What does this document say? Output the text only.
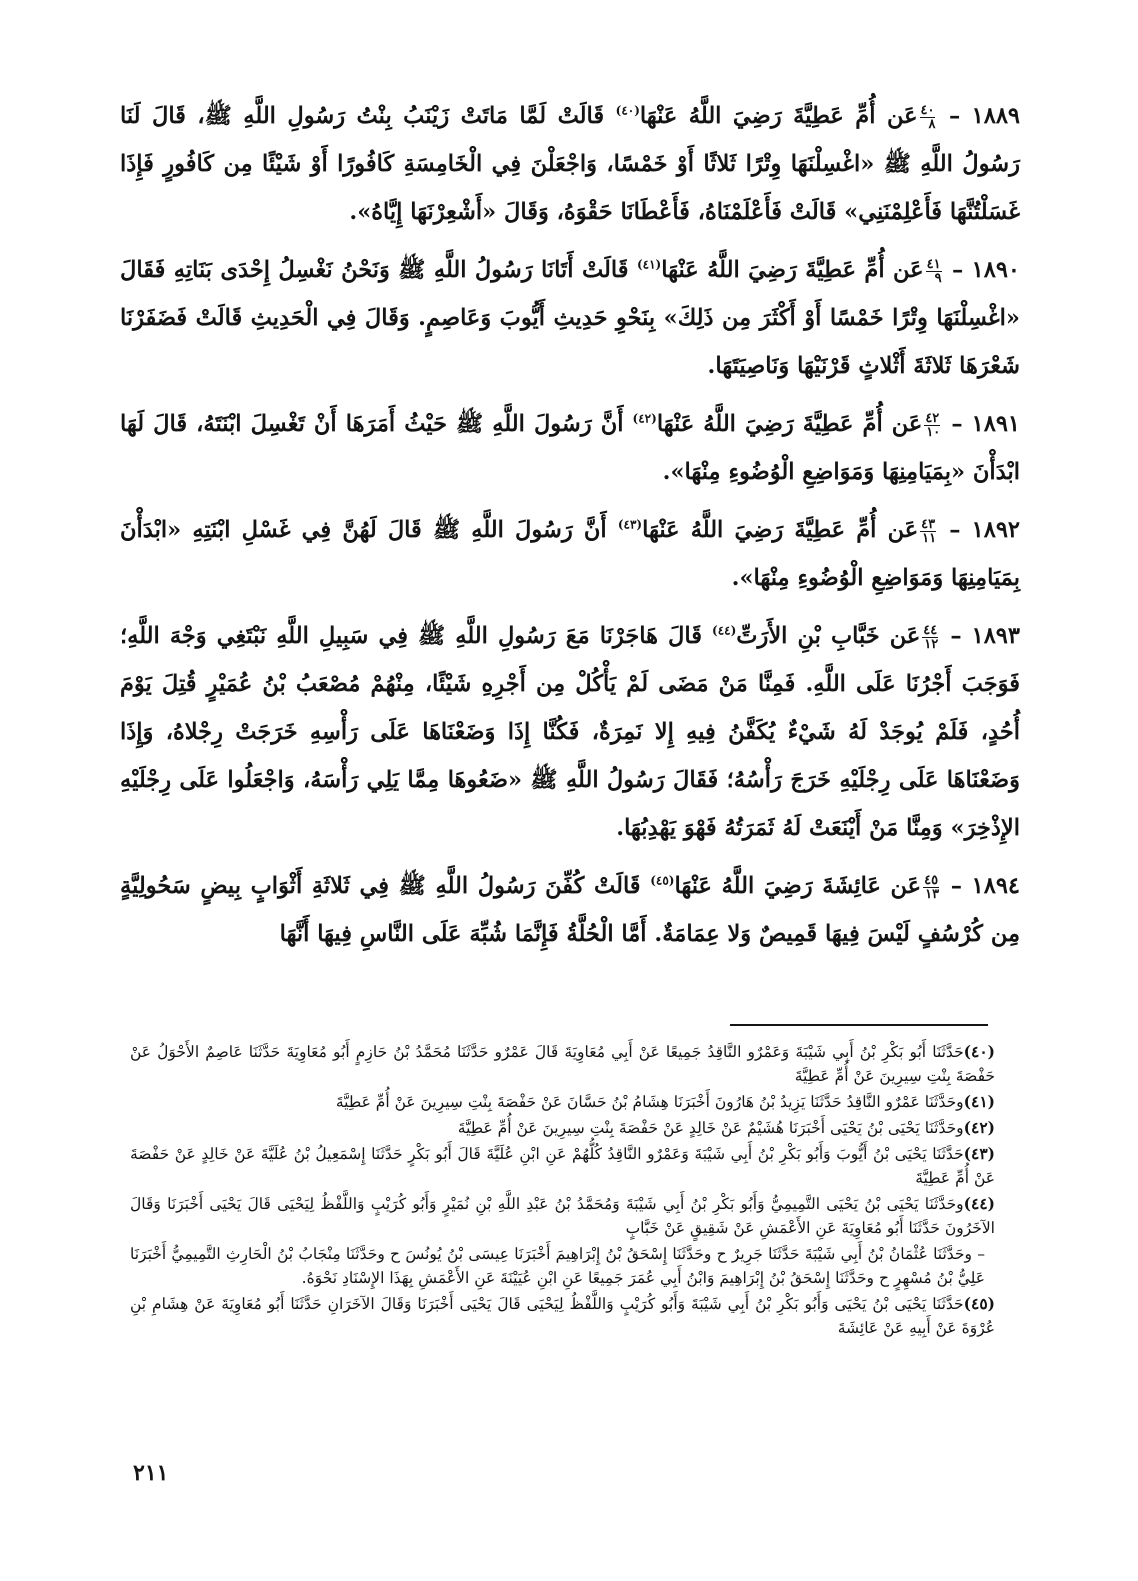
١٨٨٩ –
$\frac{٤٠}{٨}$
عَن أُمِّ عَطِيَّةَ رَضِيَ اللَّهُ عَنْهَا$^{(٤٠)}$ قَالَتْ لَمَّا مَاتَتْ زَيْنَبُ بِنْتُ رَسُولِ اللَّهِ ﷺ، قَالَ لَنَا رَسُولُ اللَّهِ ﷺ «اغْسِلْنَهَا وِتْرًا ثَلاثًا أَوْ خَمْسًا، وَاجْعَلْنَ فِي الْخَامِسَةِ كَافُورًا أَوْ شَيْئًا مِن كَافُورٍ فَإِذَا غَسَلْتُنَّهَا فَأَعْلِمْنَنِي» قَالَتْ فَأَعْلَمْنَاهُ، فَأَعْطَانَا حَقْوَهُ، وَقَالَ «أَشْعِرْنَهَا إِيَّاهُ».

١٨٩٠ –
$\frac{٤١}{٩}$
عَن أُمِّ عَطِيَّةَ رَضِيَ اللَّهُ عَنْهَا$^{(٤١)}$ قَالَتْ أَتَانَا رَسُولُ اللَّهِ ﷺ وَنَحْنُ نَغْسِلُ إِحْدَى بَنَاتِهِ فَقَالَ «اغْسِلْنَهَا وِتْرًا خَمْسًا أَوْ أَكْثَرَ مِن ذَلِكَ» بِنَحْوِ حَدِيثِ أَيُّوبَ وَعَاصِمٍ. وَقَالَ فِي الْحَدِيثِ قَالَتْ فَضَفَرْنَا شَعْرَهَا ثَلاثَةَ أَثْلاثٍ قَرْنَيْهَا وَنَاصِيَتَهَا.

١٨٩١ –
$\frac{٤٢}{١٠}$
عَن أُمِّ عَطِيَّةَ رَضِيَ اللَّهُ عَنْهَا$^{(٤٢)}$ أَنَّ رَسُولَ اللَّهِ ﷺ حَيْثُ أَمَرَهَا أَنْ تَغْسِلَ ابْنَتَهُ، قَالَ لَهَا ابْدَأْنَ «بِمَيَامِنِهَا وَمَوَاضِعِ الْوُضُوءِ مِنْهَا».

١٨٩٢ –
$\frac{٤٣}{١١}$
عَن أُمِّ عَطِيَّةَ رَضِيَ اللَّهُ عَنْهَا$^{(٤٣)}$ أَنَّ رَسُولَ اللَّهِ ﷺ قَالَ لَهُنَّ فِي غَسْلِ ابْنَتِهِ «ابْدَأْنَ بِمَيَامِنِهَا وَمَوَاضِعِ الْوُضُوءِ مِنْهَا».

١٨٩٣ –
$\frac{٤٤}{١٢}$
عَن خَبَّابِ بْنِ الأَرَتِّ$^{(٤٤)}$ قَالَ هَاجَرْنَا مَعَ رَسُولِ اللَّهِ ﷺ فِي سَبِيلِ اللَّهِ نَبْتَغِي وَجْهَ اللَّهِ؛ فَوَجَبَ أَجْرُنَا عَلَى اللَّهِ. فَمِنَّا مَنْ مَضَى لَمْ يَأْكُلْ مِن أَجْرِهِ شَيْئًا، مِنْهُمْ مُصْعَبُ بْنُ عُمَيْرٍ قُتِلَ يَوْمَ أُحُدٍ، فَلَمْ يُوجَدْ لَهُ شَيْءٌ يُكَفَّنُ فِيهِ إِلا نَمِرَةٌ، فَكُنَّا إِذَا وَضَعْنَاهَا عَلَى رَأْسِهِ خَرَجَتْ رِجْلاهُ، وَإِذَا وَضَعْنَاهَا عَلَى رِجْلَيْهِ خَرَجَ رَأْسُهُ؛ فَقَالَ رَسُولُ اللَّهِ ﷺ «ضَعُوهَا مِمَّا يَلِي رَأْسَهُ، وَاجْعَلُوا عَلَى رِجْلَيْهِ الإِذْخِرَ» وَمِنَّا مَنْ أَيْنَعَتْ لَهُ ثَمَرَتُهُ فَهْوَ يَهْدِبُهَا.

١٨٩٤ –
$\frac{٤٥}{١٣}$
عَن عَائِشَةَ رَضِيَ اللَّهُ عَنْهَا$^{(٤٥)}$ قَالَتْ كُفِّنَ رَسُولُ اللَّهِ ﷺ فِي ثَلاثَةِ أَثْوَابٍ بِيضٍ سَحُولِيَّةٍ مِن كُرْسُفٍ لَيْسَ فِيهَا قَمِيصٌ وَلا عِمَامَةٌ. أَمَّا الْحُلَّةُ فَإِنَّمَا شُبِّهَ عَلَى النَّاسِ فِيهَا أَنَّهَا

(٤٠)حَدَّثَنَا أَبُو بَكْرِ بْنُ أَبِي شَيْبَةَ وَعَمْرٌو النَّاقِدُ جَمِيعًا عَنْ أَبِي مُعَاوِيَةَ قَالَ عَمْرٌو حَدَّثَنَا مُحَمَّدُ بْنُ حَازِمٍ أَبُو مُعَاوِيَةَ حَدَّثَنَا عَاصِمٌ الأَحْوَلُ عَنْ حَفْصَةَ بِنْتِ سِيرِينَ عَنْ أُمِّ عَطِيَّةَ

(٤١)وحَدَّثَنَا عَمْرٌو النَّاقِدُ حَدَّثَنَا يَزِيدُ بْنُ هَارُونَ أَخْبَرَنَا هِشَامُ بْنُ حَسَّانَ عَنْ حَفْصَةَ بِنْتِ سِيرِينَ عَنْ أُمِّ عَطِيَّةَ

(٤٢)وحَدَّثَنَا يَحْيَى بْنُ يَحْيَى أَخْبَرَنَا هُشَيْمٌ عَنْ خَالِدٍ عَنْ حَفْصَةَ بِنْتِ سِيرِينَ عَنْ أُمِّ عَطِيَّةَ

(٤٣)حَدَّثَنَا يَحْيَى بْنُ أَيُّوبَ وَأَبُو بَكْرِ بْنُ أَبِي شَيْبَةَ وَعَمْرٌو النَّاقِدُ كُلُّهُمْ عَنِ ابْنِ عُلَيَّةَ قَالَ أَبُو بَكْرٍ حَدَّثَنَا إِسْمَعِيلُ بْنُ عُلَيَّةَ عَنْ خَالِدٍ عَنْ حَفْصَةَ عَنْ أُمِّ عَطِيَّةَ

(٤٤)وحَدَّثَنَا يَحْيَى بْنُ يَحْيَى التَّمِيمِيُّ وَأَبُو بَكْرِ بْنُ أَبِي شَيْبَةَ وَمُحَمَّدُ بْنُ عَبْدِ اللَّهِ بْنِ نُمَيْرٍ وَأَبُو كُرَيْبٍ وَاللَّفْظُ لِيَحْيَى قَالَ يَحْيَى أَخْبَرَنَا وَقَالَ الآخَرُونَ حَدَّثَنَا أَبُو مُعَاوِيَةَ عَنِ الأَعْمَشِ عَنْ شَقِيقٍ عَنْ خَبَّابٍ

– وحَدَّثَنَا عُثْمَانُ بْنُ أَبِي شَيْبَةَ حَدَّثَنَا جَرِيرٌ ح وحَدَّثَنَا إِسْحَقُ بْنُ إِبْرَاهِيمَ أَخْبَرَنَا عِيسَى بْنُ يُونُسَ ح وحَدَّثَنَا مِنْجَابُ بْنُ الْحَارِثِ التَّمِيمِيُّ أَخْبَرَنَا عَلِيُّ بْنُ مُسْهِرٍ ح وحَدَّثَنَا إِسْحَقُ بْنُ إِبْرَاهِيمَ وَابْنُ أَبِي عُمَرَ جَمِيعًا عَنِ ابْنِ عُيَيْنَةَ عَنِ الأَعْمَشِ بِهَذَا الإِسْنَادِ نَحْوَهُ.

(٤٥)حَدَّثَنَا يَحْيَى بْنُ يَحْيَى وَأَبُو بَكْرِ بْنُ أَبِي شَيْبَةَ وَأَبُو كُرَيْبٍ وَاللَّفْظُ لِيَحْيَى قَالَ يَحْيَى أَخْبَرَنَا وَقَالَ الآخَرَانِ حَدَّثَنَا أَبُو مُعَاوِيَةَ عَنْ هِشَامِ بْنِ عُرْوَةَ عَنْ أَبِيهِ عَنْ عَائِشَةَ

٢١١
